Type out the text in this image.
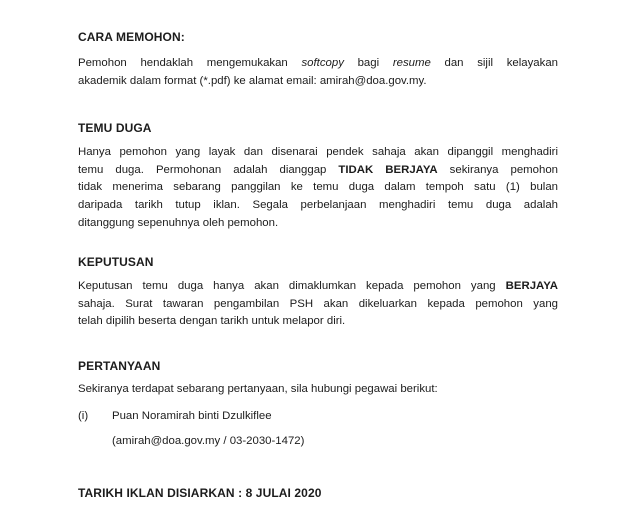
CARA MEMOHON:
Pemohon hendaklah mengemukakan softcopy bagi resume dan sijil kelayakan
akademik dalam format (*.pdf) ke alamat email: amirah@doa.gov.my.
TEMU DUGA
Hanya pemohon yang layak dan disenarai pendek sahaja akan dipanggil menghadiri
temu duga. Permohonan adalah dianggap TIDAK BERJAYA sekiranya pemohon
tidak menerima sebarang panggilan ke temu duga dalam tempoh satu (1) bulan
daripada tarikh tutup iklan. Segala perbelanjaan menghadiri temu duga adalah
ditanggung sepenuhnya oleh pemohon.
KEPUTUSAN
Keputusan temu duga hanya akan dimaklumkan kepada pemohon yang BERJAYA
sahaja. Surat tawaran pengambilan PSH akan dikeluarkan kepada pemohon yang
telah dipilih beserta dengan tarikh untuk melapor diri.
PERTANYAAN
Sekiranya terdapat sebarang pertanyaan, sila hubungi pegawai berikut:
(i) Puan Noramirah binti Dzulkiflee
(amirah@doa.gov.my / 03-2030-1472)
TARIKH IKLAN DISIARKAN : 8 JULAI 2020
